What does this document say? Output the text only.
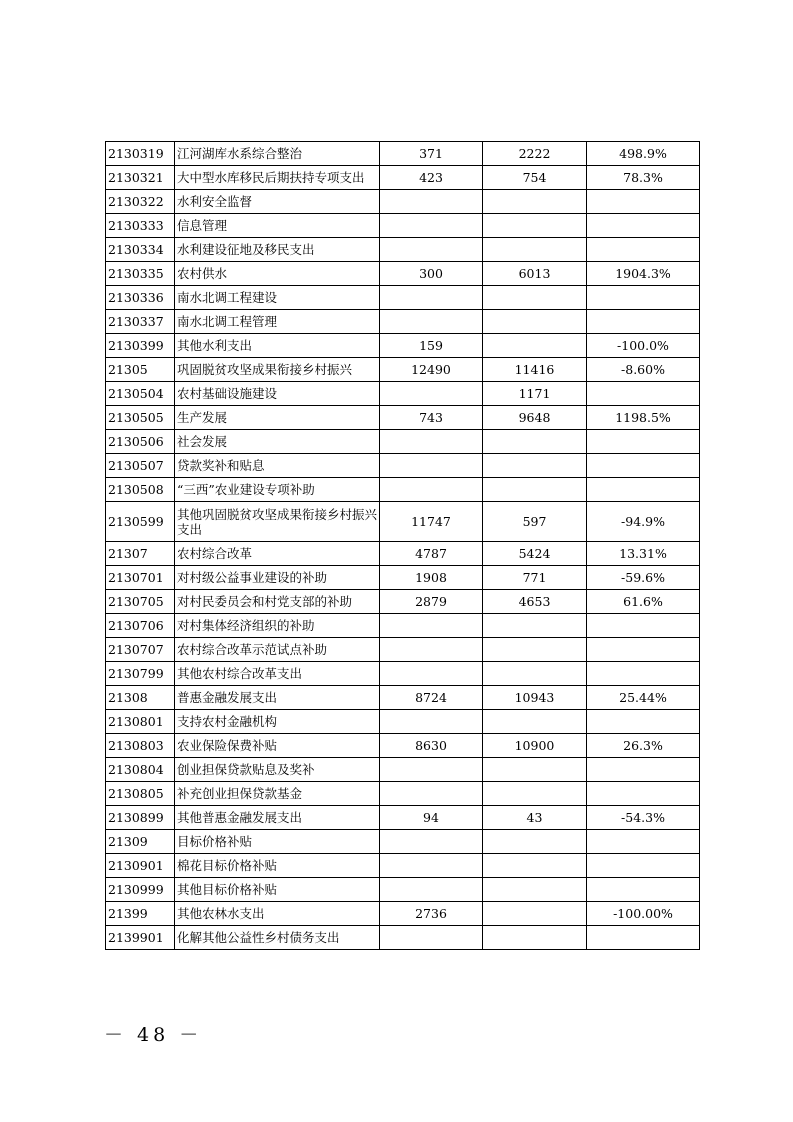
2130319	江河湖库水系综合整治	371	2222	498.9%
2130321	大中型水库移民后期扶持专项支出	423	754	78.3%
2130322	水利安全监督			
2130333	信息管理			
2130334	水利建设征地及移民支出			
2130335	农村供水	300	6013	1904.3%
2130336	南水北调工程建设			
2130337	南水北调工程管理			
2130399	其他水利支出	159		-100.0%
21305	巩固脱贫攻坚成果衔接乡村振兴	12490	11416	-8.60%
2130504	农村基础设施建设		1171	
2130505	生产发展	743	9648	1198.5%
2130506	社会发展			
2130507	贷款奖补和贴息			
2130508	“三西”农业建设专项补助			
2130599	其他巩固脱贫攻坚成果衔接乡村振兴支出	11747	597	-94.9%
21307	农村综合改革	4787	5424	13.31%
2130701	对村级公益事业建设的补助	1908	771	-59.6%
2130705	对村民委员会和村党支部的补助	2879	4653	61.6%
2130706	对村集体经济组织的补助			
2130707	农村综合改革示范试点补助			
2130799	其他农村综合改革支出			
21308	普惠金融发展支出	8724	10943	25.44%
2130801	支持农村金融机构			
2130803	农业保险保费补贴	8630	10900	26.3%
2130804	创业担保贷款贴息及奖补			
2130805	补充创业担保贷款基金			
2130899	其他普惠金融发展支出	94	43	-54.3%
21309	目标价格补贴			
2130901	棉花目标价格补贴			
2130999	其他目标价格补贴			
21399	其他农林水支出	2736		-100.00%
2139901	化解其他公益性乡村债务支出			
－ 48 －
